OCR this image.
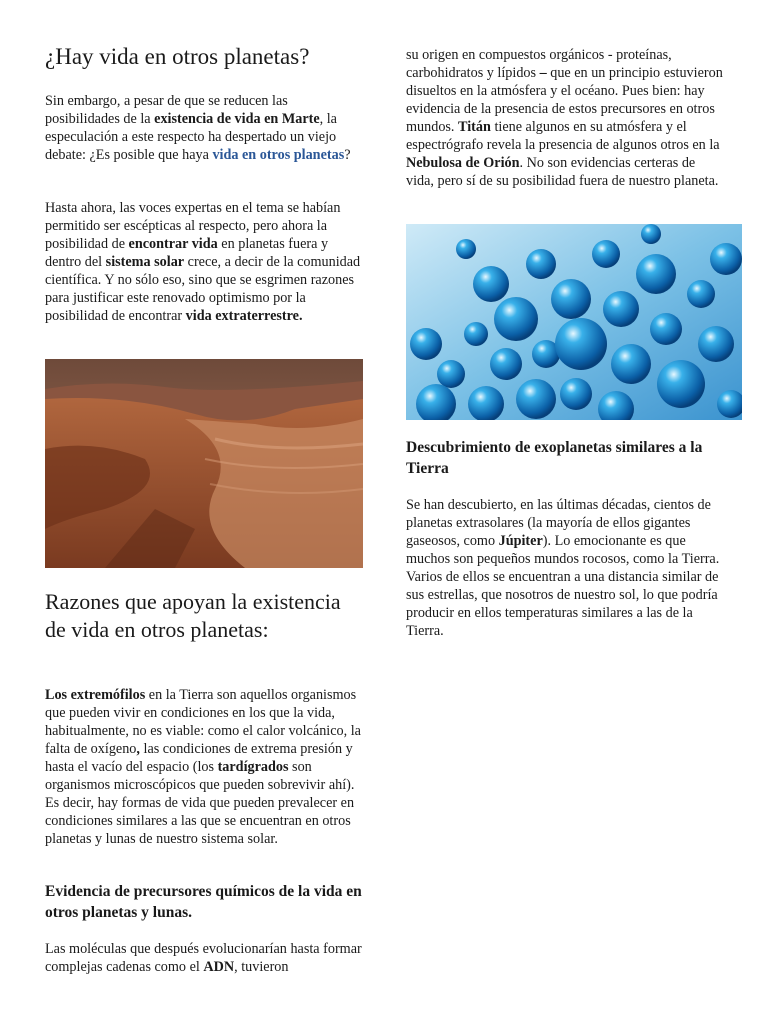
¿Hay vida en otros planetas?

Sin embargo, a pesar de que se reducen las posibilidades de la existencia de vida en Marte, la especulación a este respecto ha despertado un viejo debate: ¿Es posible que haya vida en otros planetas?

Hasta ahora, las voces expertas en el tema se habían permitido ser escépticas al respecto, pero ahora la posibilidad de encontrar vida en planetas fuera y dentro del sistema solar crece, a decir de la comunidad científica. Y no sólo eso, sino que se esgrimen razones para justificar este renovado optimismo por la posibilidad de encontrar vida extraterrestre.

Razones que apoyan la existencia de vida en otros planetas:

Los extremófilos en la Tierra son aquellos organismos que pueden vivir en condiciones en los que la vida, habitualmente, no es viable: como el calor volcánico, la falta de oxígeno, las condiciones de extrema presión y hasta el vacío del espacio (los tardígrados son organismos microscópicos que pueden sobrevivir ahí). Es decir, hay formas de vida que pueden prevalecer en condiciones similares a las que se encuentran en otros planetas y lunas de nuestro sistema solar.

Evidencia de precursores químicos de la vida en otros planetas y lunas.

Las moléculas que después evolucionarían hasta formar complejas cadenas como el ADN, tuvieron

su origen en compuestos orgánicos - proteínas, carbohidratos y lípidos – que en un principio estuvieron disueltos en la atmósfera y el océano. Pues bien: hay evidencia de la presencia de estos precursores en otros mundos. Titán tiene algunos en su atmósfera y el espectrógrafo revela la presencia de algunos otros en la Nebulosa de Orión. No son evidencias certeras de vida, pero sí de su posibilidad fuera de nuestro planeta.

Descubrimiento de exoplanetas similares a la Tierra

Se han descubierto, en las últimas décadas, cientos de planetas extrasolares (la mayoría de ellos gigantes gaseosos, como Júpiter). Lo emocionante es que muchos son pequeños mundos rocosos, como la Tierra. Varios de ellos se encuentran a una distancia similar de sus estrellas, que nosotros de nuestro sol, lo que podría producir en ellos temperaturas similares a las de la Tierra.
